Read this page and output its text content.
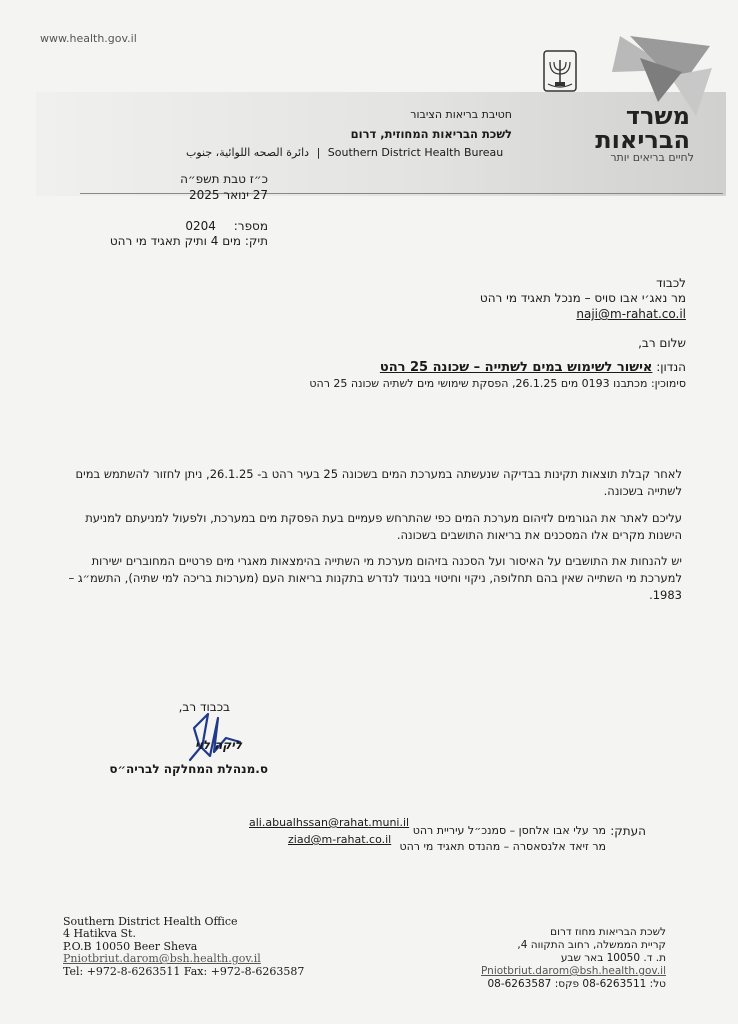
www.health.gov.il
משרד
הבריאות
לחיים בריאים יותר
חטיבת בריאות הציבור
לשכת הבריאות המחוזית, דרום
دائرة الصحه اللوائية، جنوب | Southern District Health Bureau
כ״ז טבת תשפ״ה
27 ינואר 2025
מספר: 0204
תיק: מים 4 ותיק תאגיד מי רהט
לכבוד
מר נאג׳י אבו סויס – מנכל תאגיד מי רהט
naji@m-rahat.co.il
שלום רב,
הנדון: אישור לשימוש במים לשתייה – שכונה 25 רהט
סימוכין: מכתבנו 0193 מים 26.1.25, הפסקת שימושי מים לשתיה שכונה 25 רהט
לאחר קבלת תוצאות תקינות בבדיקה שנעשתה במערכת המים בשכונה 25 בעיר רהט ב- 26.1.25, ניתן לחזור להשתמש במים לשתייה בשכונה.
עליכם לאתר את הגורמים לזיהום מערכת המים כפי שהתרחש פעמיים בעת הפסקת מים במערכת, ולפעול למניעתם למניעת הישנות מקרים אלו המסכנים את בריאות התושבים בשכונה.
יש להנחות את התושבים על האיסור ועל הסכנה בזיהום מערכת מי השתייה בהימצאות מאגרי מים פרטיים המחוברים ישירות למערכת מי השתייה שאין בהם תחלופה, ניקוי וחיטוי בניגוד לנדרש בתקנות בריאות העם (מערכות בריכה למי שתיה), התשמ״ג –1983.
בכבוד רב,
ליקה לוי
ס.מנהלת המחלקה לבריה״ס
העתק:
מר עלי אבו אלחסן – סמנכ״ל עיריית רהט
ali.abualhssan@rahat.muni.il
מר זיאד אלנסאסרה – מהנדס תאגיד מי רהט
ziad@m-rahat.co.il
Southern District Health Office
4 Hatikva St.
P.O.B 10050 Beer Sheva
Pniotbriut.darom@bsh.health.gov.il
Tel: +972-8-6263511 Fax: +972-8-6263587
לשכת הבריאות מחוז דרום
קריית הממשלה, רחוב התקווה 4,
ת. ד. 10050 באר שבע
Pniotbriut.darom@bsh.health.gov.il
טל: 08-6263511 פקס: 08-6263587
